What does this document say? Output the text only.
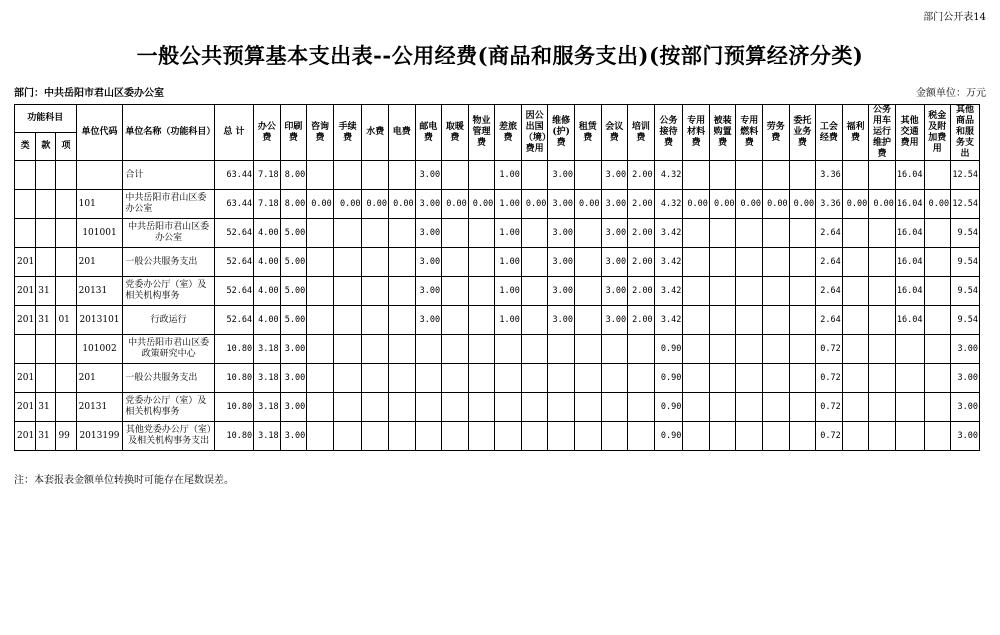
部门公开表14
一般公共预算基本支出表--公用经费(商品和服务支出)(按部门预算经济分类)
部门：中共岳阳市君山区委办公室	金额单位：万元
功能科目			单位代码	单位名称（功能科目）	总 计	办公费	印刷费	咨询费	手续费	水费	电费	邮电费	取暖费	物业管理费	差旅费	因公出国（境）费用	维修(护)费	租赁费	会议费	培训费	公务接待费	专用材料费	被装购置费	专用燃料费	劳务费	委托业务费	工会经费	福利费	公务用车运行维护费	其他交通费用	税金及附加费用	其他商品和服务支出
类	款	项																														
				合计	63.44	7.18	8.00					3.00			1.00		3.00		3.00	2.00	4.32						3.36			16.04		12.54
			101	中共岳阳市君山区委办公室	63.44	7.18	8.00	0.00	0.00	0.00	0.00	3.00	0.00	0.00	1.00	0.00	3.00	0.00	3.00	2.00	4.32	0.00	0.00	0.00	0.00	0.00	3.36	0.00	0.00	16.04	0.00	12.54
			101001	中共岳阳市君山区委办公室	52.64	4.00	5.00					3.00			1.00		3.00		3.00	2.00	3.42						2.64			16.04		9.54
201			201	一般公共服务支出	52.64	4.00	5.00					3.00			1.00		3.00		3.00	2.00	3.42						2.64			16.04		9.54
201	31		20131	党委办公厅（室）及相关机构事务	52.64	4.00	5.00					3.00			1.00		3.00		3.00	2.00	3.42						2.64			16.04		9.54
201	31	01	2013101	行政运行	52.64	4.00	5.00					3.00			1.00		3.00		3.00	2.00	3.42						2.64			16.04		9.54
			101002	中共岳阳市君山区委政策研究中心	10.80	3.18	3.00														0.90						0.72					3.00
201			201	一般公共服务支出	10.80	3.18	3.00														0.90						0.72					3.00
201	31		20131	党委办公厅（室）及相关机构事务	10.80	3.18	3.00														0.90						0.72					3.00
201	31	99	2013199	其他党委办公厅（室）及相关机构事务支出	10.80	3.18	3.00														0.90						0.72					3.00
注：本套报表金额单位转换时可能存在尾数误差。
